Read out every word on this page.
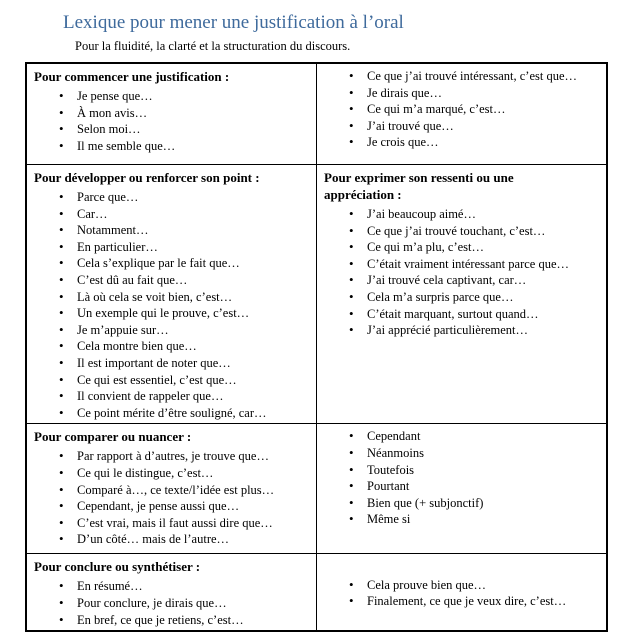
Lexique pour mener une justification à l’oral
Pour la fluidité, la clarté et la structuration du discours.
Pour commencer une justification :
• Je pense que…
• À mon avis…
• Selon moi…
• Il me semble que…

• Ce que j’ai trouvé intéressant, c’est que…
• Je dirais que…
• Ce qui m’a marqué, c’est…
• J’ai trouvé que…
• Je crois que…

Pour développer ou renforcer son point :
• Parce que…
• Car…
• Notamment…
• En particulier…
• Cela s’explique par le fait que…
• C’est dû au fait que…
• Là où cela se voit bien, c’est…
• Un exemple qui le prouve, c’est…
• Je m’appuie sur…
• Cela montre bien que…
• Il est important de noter que…
• Ce qui est essentiel, c’est que…
• Il convient de rappeler que…
• Ce point mérite d’être souligné, car…

Pour exprimer son ressenti ou une appréciation :
• J’ai beaucoup aimé…
• Ce que j’ai trouvé touchant, c’est…
• Ce qui m’a plu, c’est…
• C’était vraiment intéressant parce que…
• J’ai trouvé cela captivant, car…
• Cela m’a surpris parce que…
• C’était marquant, surtout quand…
• J’ai apprécié particulièrement…

Pour comparer ou nuancer :
• Par rapport à d’autres, je trouve que…
• Ce qui le distingue, c’est…
• Comparé à…, ce texte/l’idée est plus…
• Cependant, je pense aussi que…
• C’est vrai, mais il faut aussi dire que…
• D’un côté… mais de l’autre…

• Cependant
• Néanmoins
• Toutefois
• Pourtant
• Bien que (+ subjonctif)
• Même si

Pour conclure ou synthétiser :
• En résumé…
• Pour conclure, je dirais que…
• En bref, ce que je retiens, c’est…

• Cela prouve bien que…
• Finalement, ce que je veux dire, c’est…
